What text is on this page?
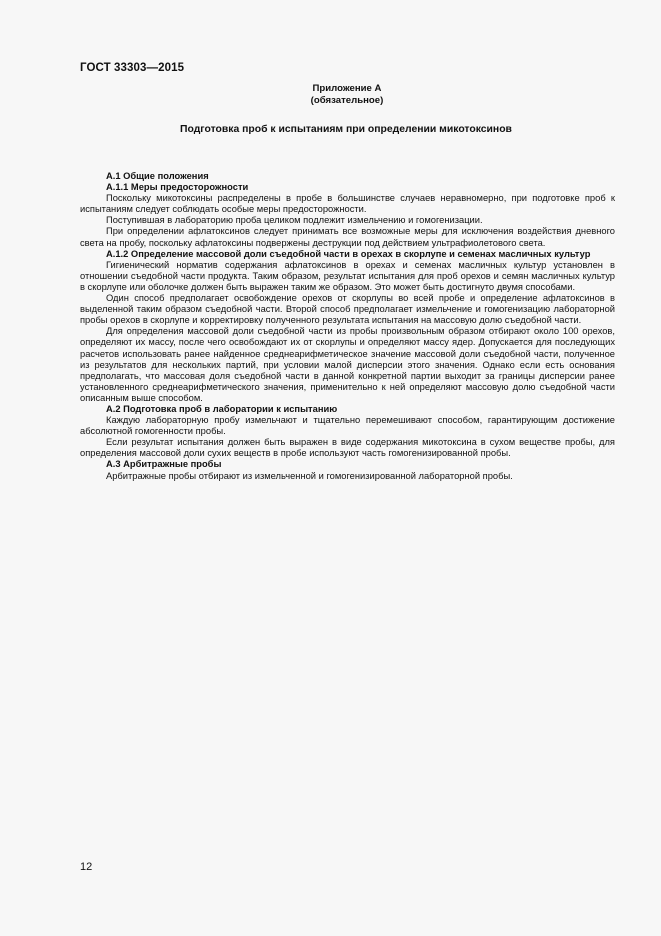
ГОСТ 33303—2015
Приложение А
(обязательное)
Подготовка проб к испытаниям при определении микотоксинов
А.1 Общие положения
А.1.1 Меры предосторожности

Поскольку микотоксины распределены в пробе в большинстве случаев неравномерно, при подготовке проб к испытаниям следует соблюдать особые меры предосторожности.

Поступившая в лабораторию проба целиком подлежит измельчению и гомогенизации.

При определении афлатоксинов следует принимать все возможные меры для исключения воздействия дневного света на пробу, поскольку афлатоксины подвержены деструкции под действием ультрафиолетового света.

А.1.2 Определение массовой доли съедобной части в орехах в скорлупе и семенах масличных культур

Гигиенический норматив содержания афлатоксинов в орехах и семенах масличных культур установлен в отношении съедобной части продукта. Таким образом, результат испытания для проб орехов и семян масличных культур в скорлупе или оболочке должен быть выражен таким же образом. Это может быть достигнуто двумя способами.

Один способ предполагает освобождение орехов от скорлупы во всей пробе и определение афлатоксинов в выделенной таким образом съедобной части. Второй способ предполагает измельчение и гомогенизацию лабораторной пробы орехов в скорлупе и корректировку полученного результата испытания на массовую долю съедобной части.

Для определения массовой доли съедобной части из пробы произвольным образом отбирают около 100 орехов, определяют их массу, после чего освобождают их от скорлупы и определяют массу ядер. Допускается для последующих расчетов использовать ранее найденное среднеарифметическое значение массовой доли съедобной части, полученное из результатов для нескольких партий, при условии малой дисперсии этого значения. Однако если есть основания предполагать, что массовая доля съедобной части в данной конкретной партии выходит за границы дисперсии ранее установленного среднеарифметического значения, применительно к ней определяют массовую долю съедобной части описанным выше способом.

А.2 Подготовка проб в лаборатории к испытанию

Каждую лабораторную пробу измельчают и тщательно перемешивают способом, гарантирующим достижение абсолютной гомогенности пробы.

Если результат испытания должен быть выражен в виде содержания микотоксина в сухом веществе пробы, для определения массовой доли сухих веществ в пробе используют часть гомогенизированной пробы.

А.3 Арбитражные пробы

Арбитражные пробы отбирают из измельченной и гомогенизированной лабораторной пробы.

12
